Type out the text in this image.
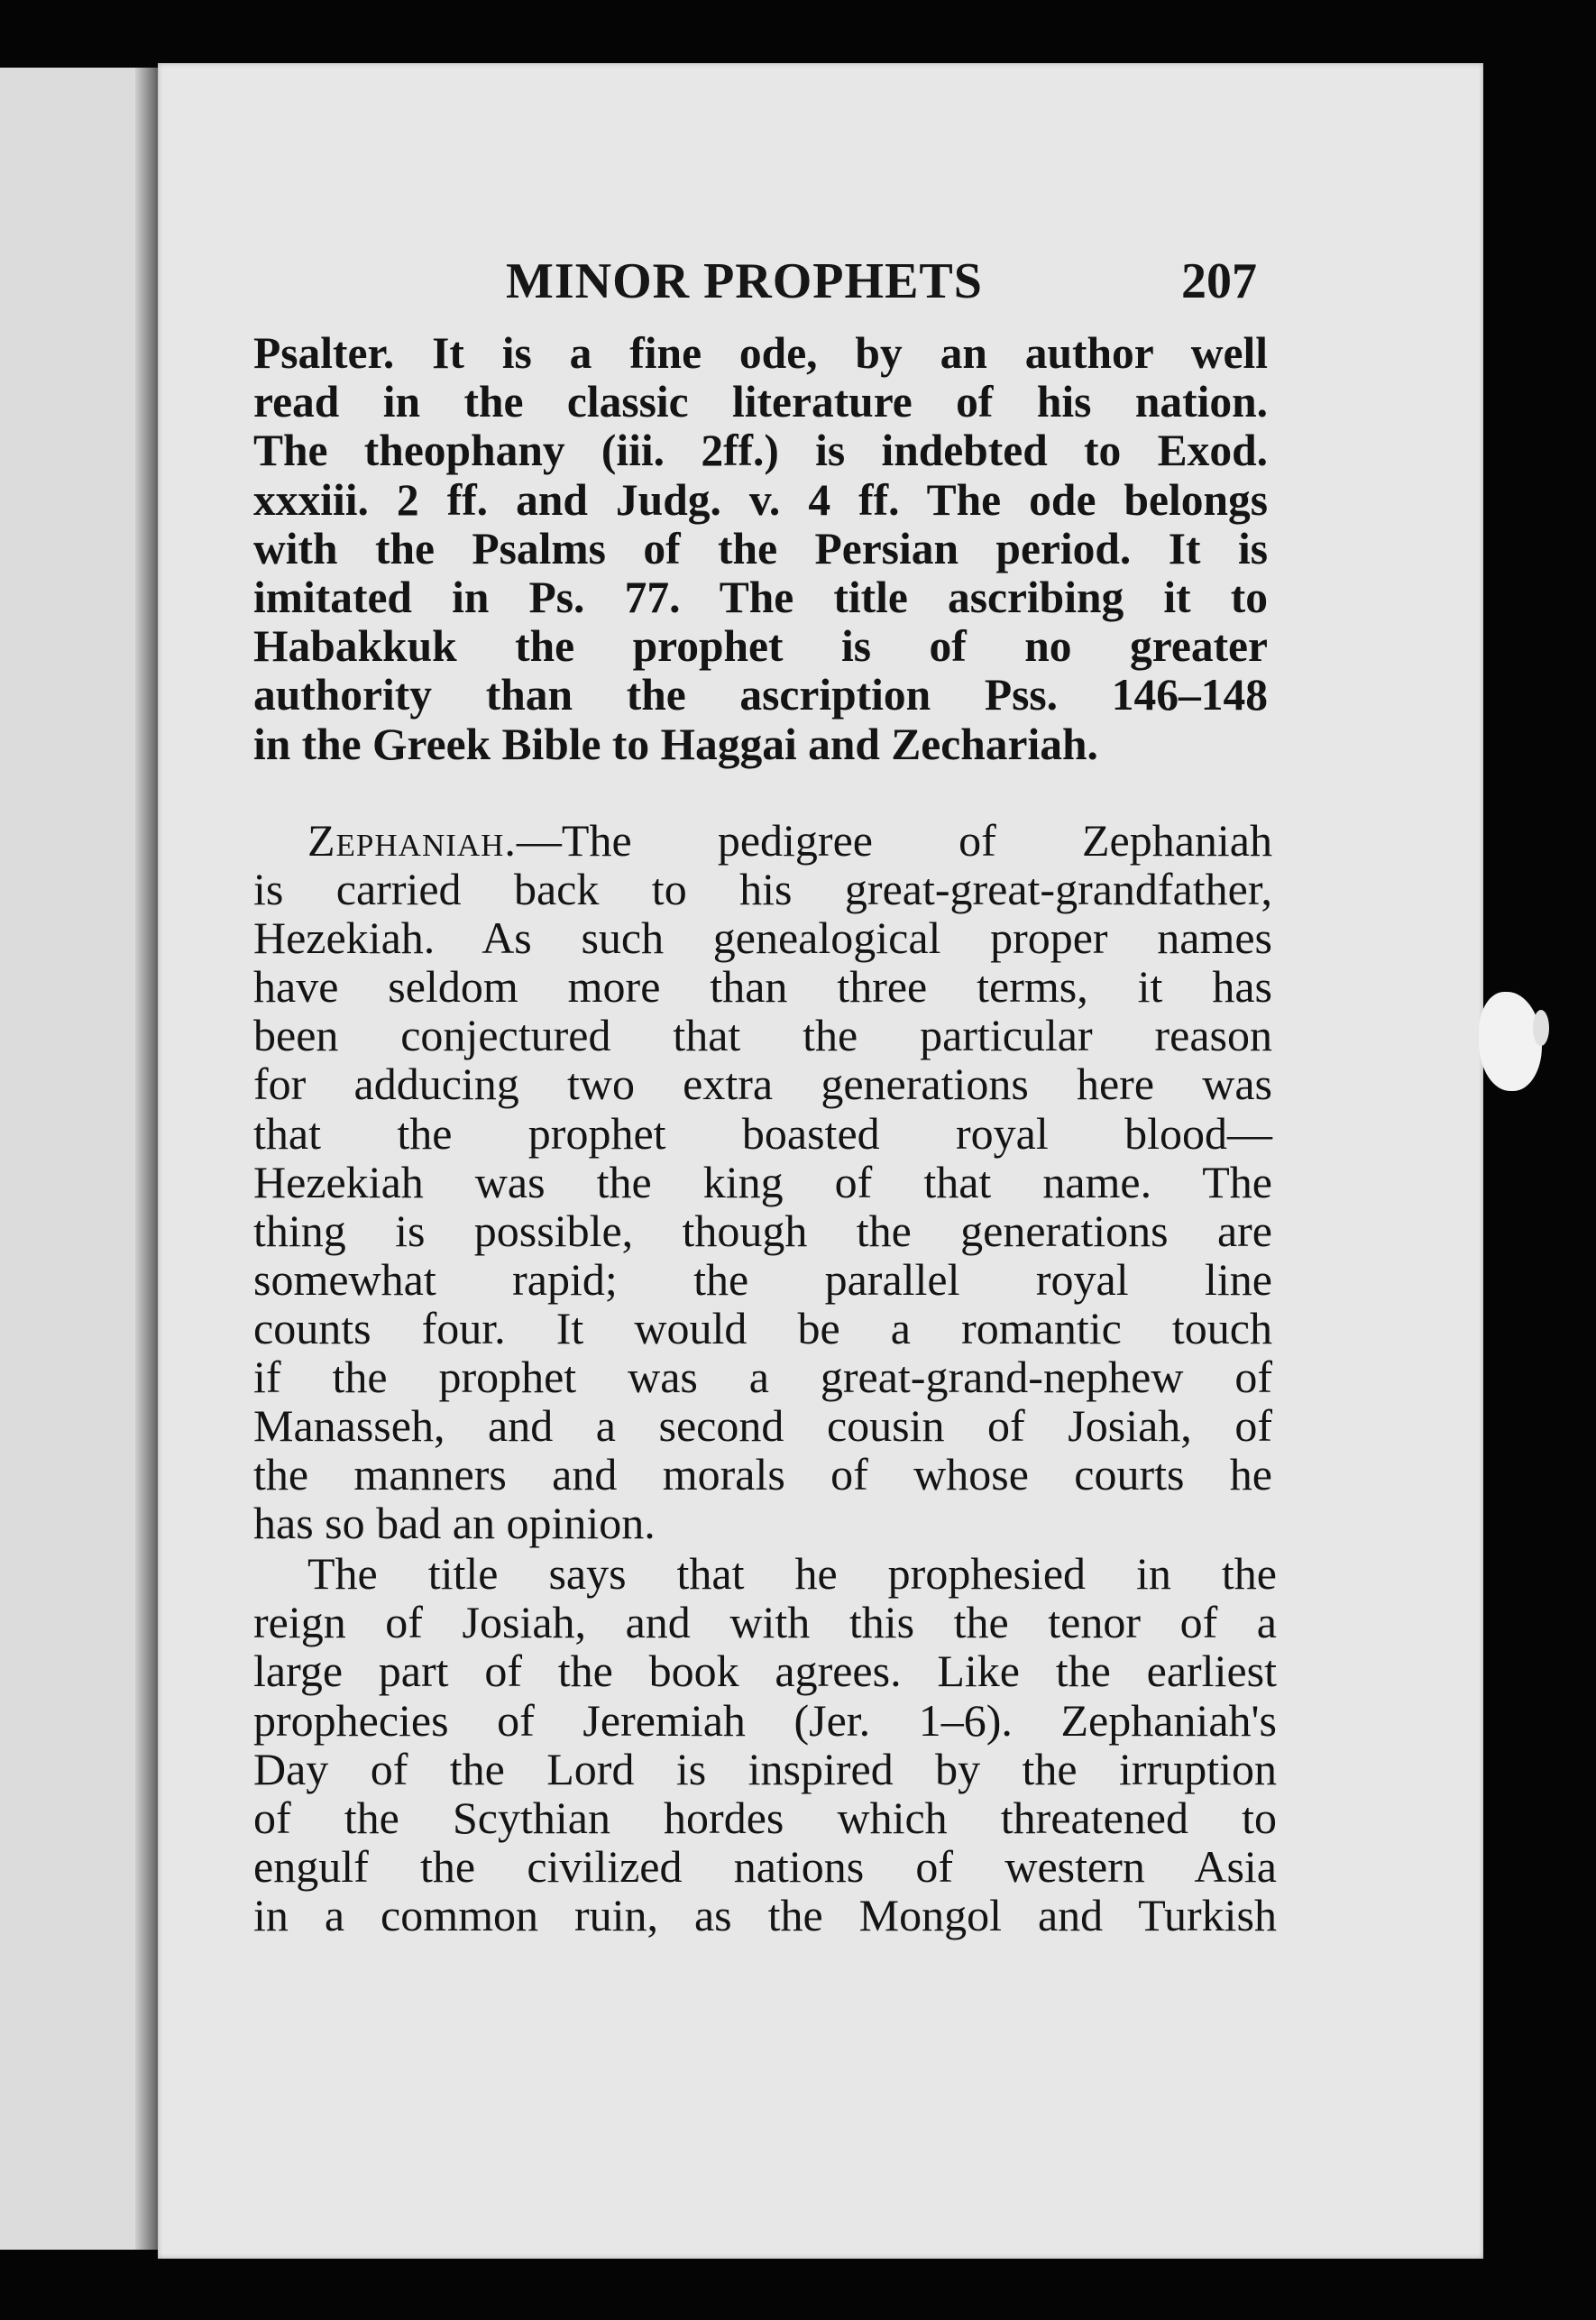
MINOR PROPHETS	207
Psalter. It is a fine ode, by an author well
read in the classic literature of his nation.
The theophany (iii. 2ff.) is indebted to Exod.
xxxiii. 2 ff. and Judg. v. 4 ff. The ode belongs
with the Psalms of the Persian period. It is
imitated in Ps. 77. The title ascribing it to
Habakkuk the prophet is of no greater
authority than the ascription Pss. 146–148
in the Greek Bible to Haggai and Zechariah.
Zephaniah.—The pedigree of Zephaniah
is carried back to his great-great-grandfather,
Hezekiah. As such genealogical proper names
have seldom more than three terms, it has
been conjectured that the particular reason
for adducing two extra generations here was
that the prophet boasted royal blood—
Hezekiah was the king of that name. The
thing is possible, though the generations are
somewhat rapid; the parallel royal line
counts four. It would be a romantic touch
if the prophet was a great-grand-nephew of
Manasseh, and a second cousin of Josiah, of
the manners and morals of whose courts he
has so bad an opinion.
The title says that he prophesied in the
reign of Josiah, and with this the tenor of a
large part of the book agrees. Like the earliest
prophecies of Jeremiah (Jer. 1–6). Zephaniah's
Day of the Lord is inspired by the irruption
of the Scythian hordes which threatened to
engulf the civilized nations of western Asia
in a common ruin, as the Mongol and Turkish
